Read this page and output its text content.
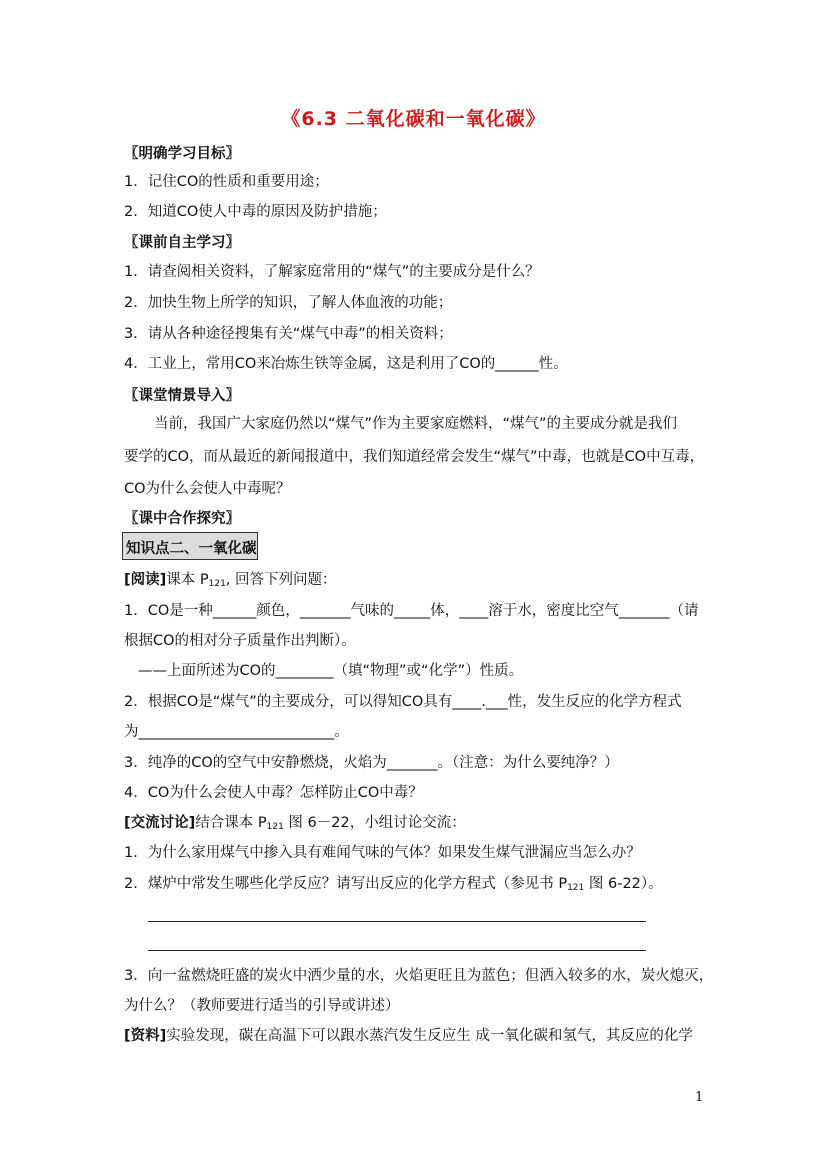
《6.3 二氧化碳和一氧化碳》
〖明确学习目标〗
1．记住CO的性质和重要用途；
2．知道CO使人中毒的原因及防护措施；
〖课前自主学习〗
1．请查阅相关资料，了解家庭常用的“煤气”的主要成分是什么？
2．加快生物上所学的知识，了解人体血液的功能；
3．请从各种途径搜集有关“煤气中毒”的相关资料；
4．工业上，常用CO来冶炼生铁等金属，这是利用了CO的______性。
〖课堂情景导入〗
当前，我国广大家庭仍然以“煤气”作为主要家庭燃料，“煤气”的主要成分就是我们
要学的CO，而从最近的新闻报道中，我们知道经常会发生“煤气”中毒，也就是CO中互毒，
CO为什么会使人中毒呢？
〖课中合作探究〗
知识点二、一氧化碳
[阅读]课本 $P_{121}$, 回答下列问题：
1．CO是一种______颜色，_______气味的_____体，____溶于水，密度比空气_______（请
根据CO的相对分子质量作出判断）。
——上面所述为CO的________（填“物理”或“化学”）性质。
2．根据CO是“煤气”的主要成分，可以得知CO具有____.___性，发生反应的化学方程式
为___________________________。
3．纯净的CO的空气中安静燃烧，火焰为_______。（注意：为什么要纯净？）
4．CO为什么会使人中毒？怎样防止CO中毒？
[交流讨论]结合课本 $P_{121}$ 图 6－22，小组讨论交流：
1．为什么家用煤气中掺入具有难闻气味的气体？如果发生煤气泄漏应当怎么办？
2．煤炉中常发生哪些化学反应？请写出反应的化学方程式（参见书 $P_{121}$ 图 6-22）。
3．向一盆燃烧旺盛的炭火中洒少量的水，火焰更旺且为蓝色；但洒入较多的水，炭火熄灭，
为什么？（教师要进行适当的引导或讲述）
[资料]实验发现，碳在高温下可以跟水蒸汽发生反应生 成一氧化碳和氢气，其反应的化学
1
